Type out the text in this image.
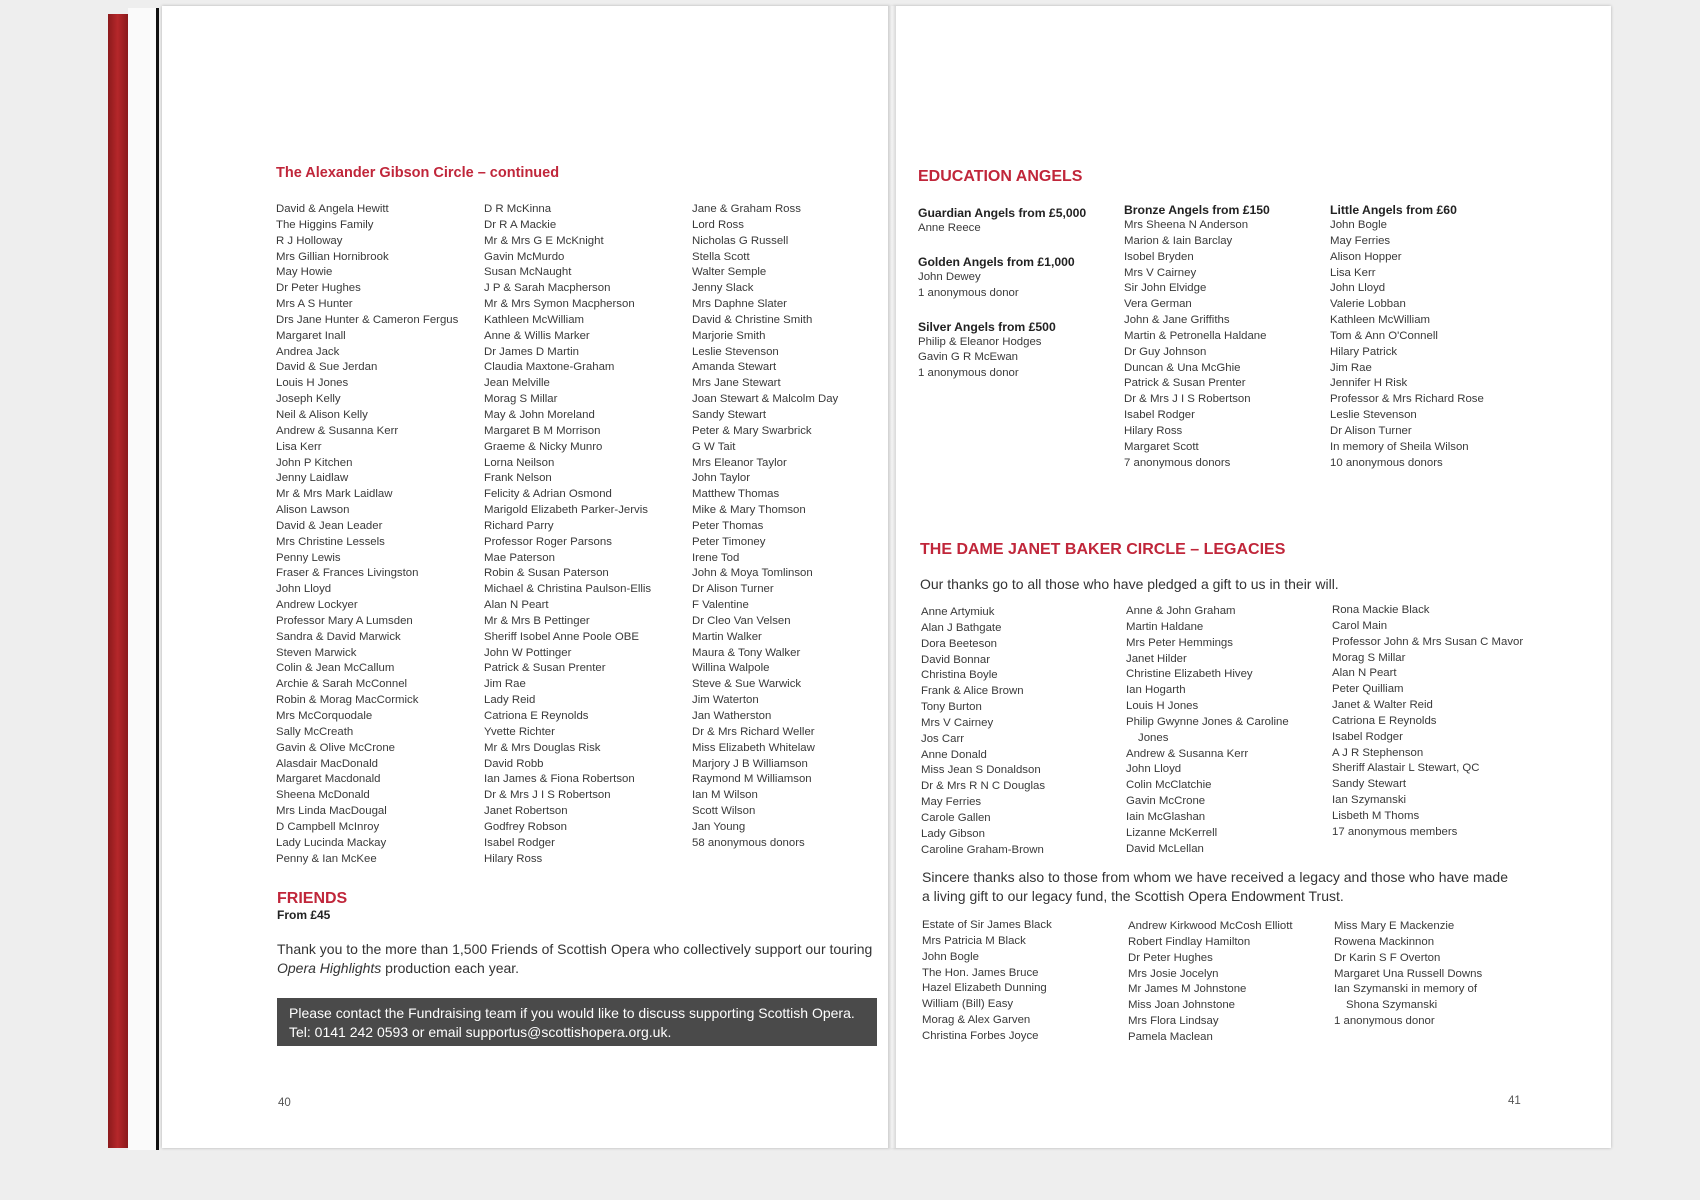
The Alexander Gibson Circle – continued
David & Angela Hewitt
The Higgins Family
R J Holloway
Mrs Gillian Hornibrook
May Howie
Dr Peter Hughes
Mrs A S Hunter
Drs Jane Hunter & Cameron Fergus
Margaret Inall
Andrea Jack
David & Sue Jerdan
Louis H Jones
Joseph Kelly
Neil & Alison Kelly
Andrew & Susanna Kerr
Lisa Kerr
John P Kitchen
Jenny Laidlaw
Mr & Mrs Mark Laidlaw
Alison Lawson
David & Jean Leader
Mrs Christine Lessels
Penny Lewis
Fraser & Frances Livingston
John Lloyd
Andrew Lockyer
Professor Mary A Lumsden
Sandra & David Marwick
Steven Marwick
Colin & Jean McCallum
Archie & Sarah McConnel
Robin & Morag MacCormick
Mrs McCorquodale
Sally McCreath
Gavin & Olive McCrone
Alasdair MacDonald
Margaret Macdonald
Sheena McDonald
Mrs Linda MacDougal
D Campbell McInroy
Lady Lucinda Mackay
Penny & Ian McKee
D R McKinna
Dr R A Mackie
Mr & Mrs G E McKnight
Gavin McMurdo
Susan McNaught
J P & Sarah Macpherson
Mr & Mrs Symon Macpherson
Kathleen McWilliam
Anne & Willis Marker
Dr James D Martin
Claudia Maxtone-Graham
Jean Melville
Morag S Millar
May & John Moreland
Margaret B M Morrison
Graeme & Nicky Munro
Lorna Neilson
Frank Nelson
Felicity & Adrian Osmond
Marigold Elizabeth Parker-Jervis
Richard Parry
Professor Roger Parsons
Mae Paterson
Robin & Susan Paterson
Michael & Christina Paulson-Ellis
Alan N Peart
Mr & Mrs B Pettinger
Sheriff Isobel Anne Poole OBE
John W Pottinger
Patrick & Susan Prenter
Jim Rae
Lady Reid
Catriona E Reynolds
Yvette Richter
Mr & Mrs Douglas Risk
David Robb
Ian James & Fiona Robertson
Dr & Mrs J I S Robertson
Janet Robertson
Godfrey Robson
Isabel Rodger
Hilary Ross
Jane & Graham Ross
Lord Ross
Nicholas G Russell
Stella Scott
Walter Semple
Jenny Slack
Mrs Daphne Slater
David & Christine Smith
Marjorie Smith
Leslie Stevenson
Amanda Stewart
Mrs Jane Stewart
Joan Stewart & Malcolm Day
Sandy Stewart
Peter & Mary Swarbrick
G W Tait
Mrs Eleanor Taylor
John Taylor
Matthew Thomas
Mike & Mary Thomson
Peter Thomas
Peter Timoney
Irene Tod
John & Moya Tomlinson
Dr Alison Turner
F Valentine
Dr Cleo Van Velsen
Martin Walker
Maura & Tony Walker
Willina Walpole
Steve & Sue Warwick
Jim Waterton
Jan Watherston
Dr & Mrs Richard Weller
Miss Elizabeth Whitelaw
Marjory J B Williamson
Raymond M Williamson
Ian M Wilson
Scott Wilson
Jan Young
58 anonymous donors
FRIENDS
From £45
Thank you to the more than 1,500 Friends of Scottish Opera who collectively support our touring
Opera Highlights production each year.
Please contact the Fundraising team if you would like to discuss supporting Scottish Opera.
Tel: 0141 242 0593 or email supportus@scottishopera.org.uk.
40
EDUCATION ANGELS
Guardian Angels from £5,000
Anne Reece
Golden Angels from £1,000
John Dewey
1 anonymous donor
Silver Angels from £500
Philip & Eleanor Hodges
Gavin G R McEwan
1 anonymous donor
Bronze Angels from £150
Mrs Sheena N Anderson
Marion & Iain Barclay
Isobel Bryden
Mrs V Cairney
Sir John Elvidge
Vera German
John & Jane Griffiths
Martin & Petronella Haldane
Dr Guy Johnson
Duncan & Una McGhie
Patrick & Susan Prenter
Dr & Mrs J I S Robertson
Isabel Rodger
Hilary Ross
Margaret Scott
7 anonymous donors
Little Angels from £60
John Bogle
May Ferries
Alison Hopper
Lisa Kerr
John Lloyd
Valerie Lobban
Kathleen McWilliam
Tom & Ann O'Connell
Hilary Patrick
Jim Rae
Jennifer H Risk
Professor & Mrs Richard Rose
Leslie Stevenson
Dr Alison Turner
In memory of Sheila Wilson
10 anonymous donors
THE DAME JANET BAKER CIRCLE – LEGACIES
Our thanks go to all those who have pledged a gift to us in their will.
Anne Artymiuk
Alan J Bathgate
Dora Beeteson
David Bonnar
Christina Boyle
Frank & Alice Brown
Tony Burton
Mrs V Cairney
Jos Carr
Anne Donald
Miss Jean S Donaldson
Dr & Mrs R N C Douglas
May Ferries
Carole Gallen
Lady Gibson
Caroline Graham-Brown
Anne & John Graham
Martin Haldane
Mrs Peter Hemmings
Janet Hilder
Christine Elizabeth Hivey
Ian Hogarth
Louis H Jones
Philip Gwynne Jones & Caroline
Jones
Andrew & Susanna Kerr
John Lloyd
Colin McClatchie
Gavin McCrone
Iain McGlashan
Lizanne McKerrell
David McLellan
Rona Mackie Black
Carol Main
Professor John & Mrs Susan C Mavor
Morag S Millar
Alan N Peart
Peter Quilliam
Janet & Walter Reid
Catriona E Reynolds
Isabel Rodger
A J R Stephenson
Sheriff Alastair L Stewart, QC
Sandy Stewart
Ian Szymanski
Lisbeth M Thoms
17 anonymous members
Sincere thanks also to those from whom we have received a legacy and those who have made
a living gift to our legacy fund, the Scottish Opera Endowment Trust.
Estate of Sir James Black
Mrs Patricia M Black
John Bogle
The Hon. James Bruce
Hazel Elizabeth Dunning
William (Bill) Easy
Morag & Alex Garven
Christina Forbes Joyce
Andrew Kirkwood McCosh Elliott
Robert Findlay Hamilton
Dr Peter Hughes
Mrs Josie Jocelyn
Mr James M Johnstone
Miss Joan Johnstone
Mrs Flora Lindsay
Pamela Maclean
Miss Mary E Mackenzie
Rowena Mackinnon
Dr Karin S F Overton
Margaret Una Russell Downs
Ian Szymanski in memory of
Shona Szymanski
1 anonymous donor
41
